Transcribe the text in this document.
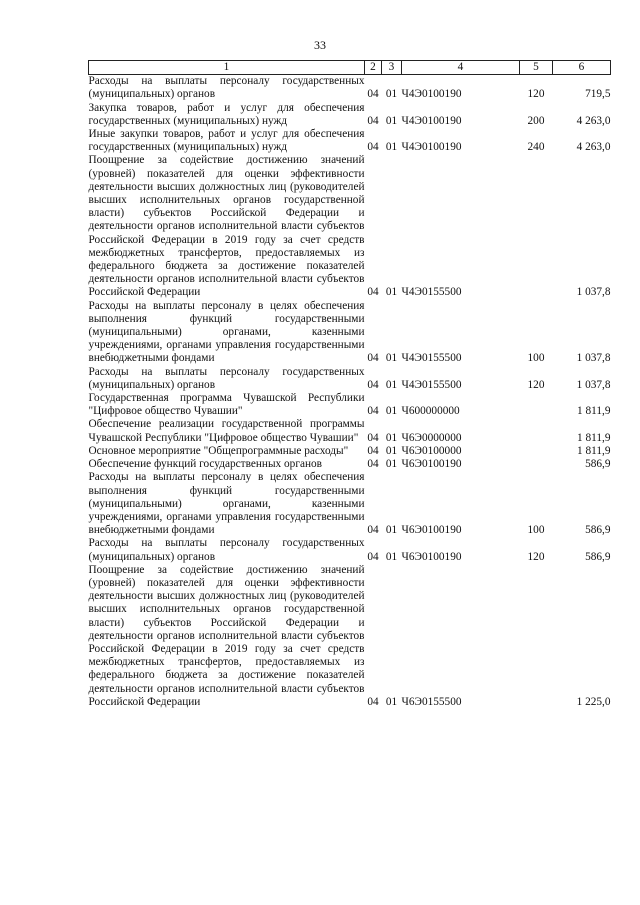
33
1	2	3	4	5	6
Расходы на выплаты персоналу государственных (муниципальных) органов	04	01	Ч4Э0100190	120	719,5
Закупка товаров, работ и услуг для обеспечения государственных (муниципальных) нужд	04	01	Ч4Э0100190	200	4 263,0
Иные закупки товаров, работ и услуг для обеспечения государственных (муниципальных) нужд	04	01	Ч4Э0100190	240	4 263,0
Поощрение за содействие достижению значений (уровней) показателей для оценки эффективности деятельности высших должностных лиц (руководителей высших исполнительных органов государственной власти) субъектов Российской Федерации и деятельности органов исполнительной власти субъектов Российской Федерации в 2019 году за счет средств межбюджетных трансфертов, предоставляемых из федерального бюджета за достижение показателей деятельности органов исполнительной власти субъектов Российской Федерации	04	01	Ч4Э0155500		1 037,8
Расходы на выплаты персоналу в целях обеспечения выполнения функций государственными (муниципальными) органами, казенными учреждениями, органами управления государственными внебюджетными фондами	04	01	Ч4Э0155500	100	1 037,8
Расходы на выплаты персоналу государственных (муниципальных) органов	04	01	Ч4Э0155500	120	1 037,8
Государственная программа Чувашской Республики "Цифровое общество Чувашии"	04	01	Ч600000000		1 811,9
Обеспечение реализации государственной программы Чувашской Республики "Цифровое общество Чувашии"	04	01	Ч6Э0000000		1 811,9
Основное мероприятие "Общепрограммные расходы"	04	01	Ч6Э0100000		1 811,9
Обеспечение функций государственных органов	04	01	Ч6Э0100190		586,9
Расходы на выплаты персоналу в целях обеспечения выполнения функций государственными (муниципальными) органами, казенными учреждениями, органами управления государственными внебюджетными фондами	04	01	Ч6Э0100190	100	586,9
Расходы на выплаты персоналу государственных (муниципальных) органов	04	01	Ч6Э0100190	120	586,9
Поощрение за содействие достижению значений (уровней) показателей для оценки эффективности деятельности высших должностных лиц (руководителей высших исполнительных органов государственной власти) субъектов Российской Федерации и деятельности органов исполнительной власти субъектов Российской Федерации в 2019 году за счет средств межбюджетных трансфертов, предоставляемых из федерального бюджета за достижение показателей деятельности органов исполнительной власти субъектов Российской Федерации	04	01	Ч6Э0155500		1 225,0
